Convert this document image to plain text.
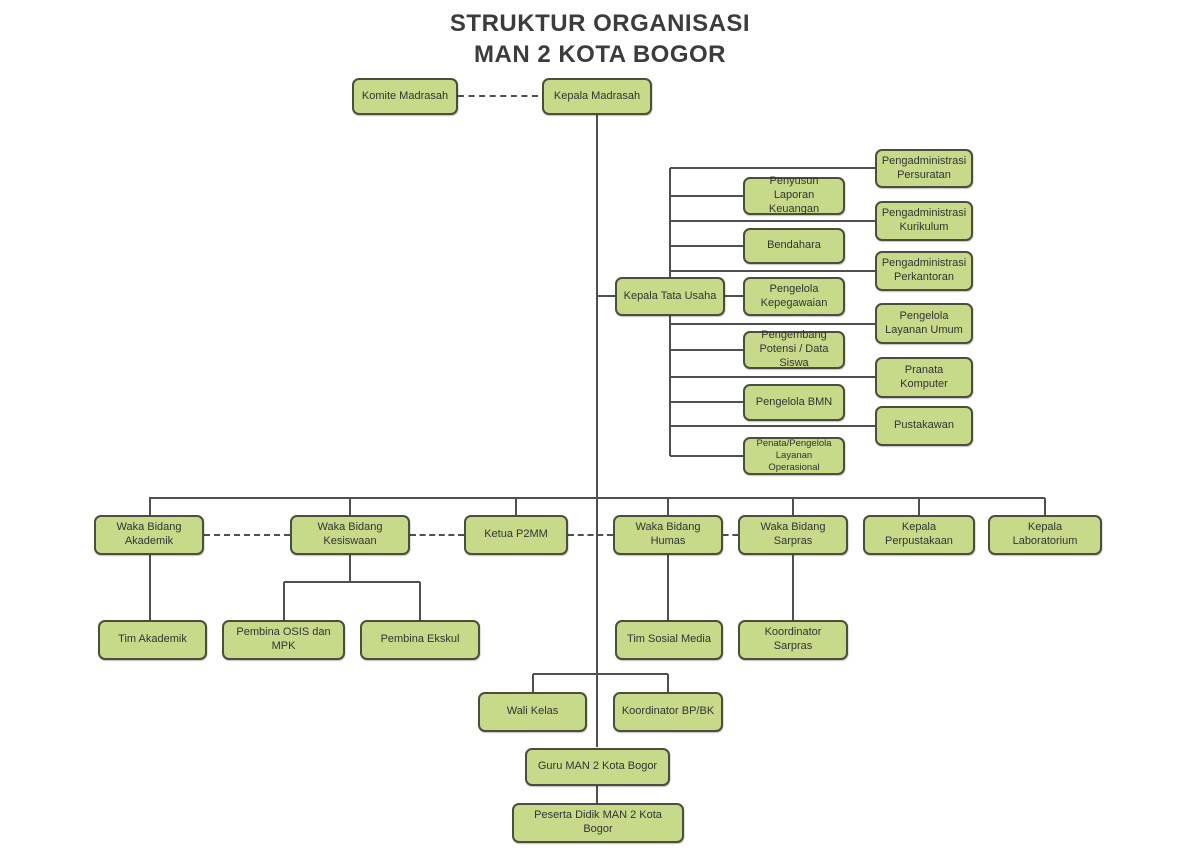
STRUKTUR ORGANISASI
MAN 2 KOTA BOGOR
Komite Madrasah	Kepala Madrasah
Kepala Tata Usaha
Penyusun Laporan Keuangan
Bendahara
Pengelola Kepegawaian
Pengembang Potensi / Data Siswa
Pengelola BMN
Penata/Pengelola Layanan Operasional
Pengadministrasi Persuratan
Pengadministrasi Kurikulum
Pengadministrasi Perkantoran
Pengelola Layanan Umum
Pranata Komputer
Pustakawan
Waka Bidang Akademik
Waka Bidang Kesiswaan
Ketua P2MM
Waka Bidang Humas
Waka Bidang Sarpras
Kepala Perpustakaan
Kepala Laboratorium
Tim Akademik
Pembina OSIS dan MPK
Pembina Ekskul	Tim Sosial Media
Koordinator Sarpras
Wali Kelas	Koordinator BP/BK
Guru MAN 2 Kota Bogor
Peserta Didik MAN 2 Kota Bogor
